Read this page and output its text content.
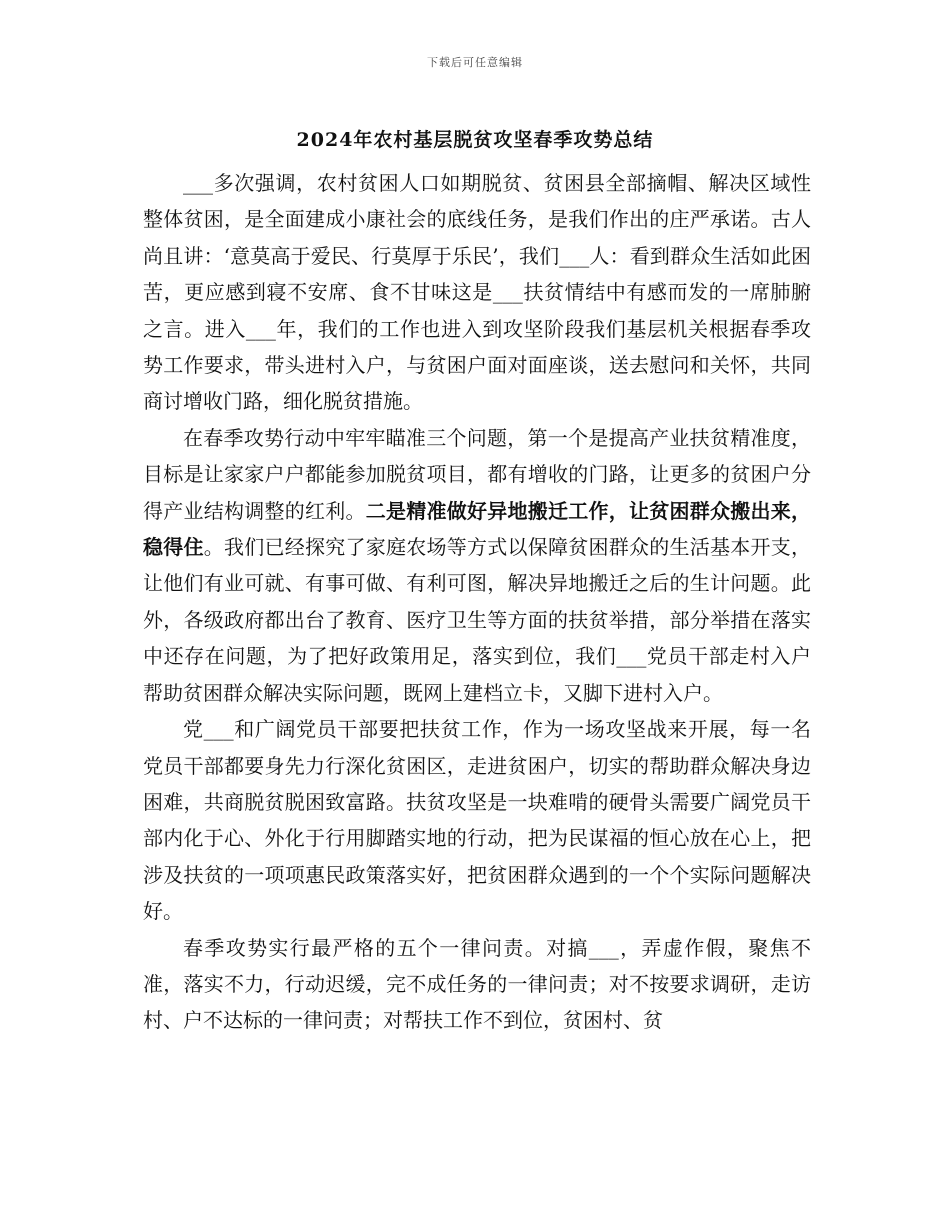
下载后可任意编辑
2024年农村基层脱贫攻坚春季攻势总结

___多次强调，农村贫困人口如期脱贫、贫困县全部摘帽、解决区域性整体贫困，是全面建成小康社会的底线任务，是我们作出的庄严承诺。古人尚且讲：‘意莫高于爱民、行莫厚于乐民’，我们___人：看到群众生活如此困苦，更应感到寝不安席、食不甘味这是___扶贫情结中有感而发的一席肺腑之言。进入___年，我们的工作也进入到攻坚阶段我们基层机关根据春季攻势工作要求，带头进村入户，与贫困户面对面座谈，送去慰问和关怀，共同商讨增收门路，细化脱贫措施。

在春季攻势行动中牢牢瞄准三个问题，第一个是提高产业扶贫精准度，目标是让家家户户都能参加脱贫项目，都有增收的门路，让更多的贫困户分得产业结构调整的红利。二是精准做好异地搬迁工作，让贫困群众搬出来，稳得住。我们已经探究了家庭农场等方式以保障贫困群众的生活基本开支，让他们有业可就、有事可做、有利可图，解决异地搬迁之后的生计问题。此外，各级政府都出台了教育、医疗卫生等方面的扶贫举措，部分举措在落实中还存在问题，为了把好政策用足，落实到位，我们___党员干部走村入户帮助贫困群众解决实际问题，既网上建档立卡，又脚下进村入户。

党___和广阔党员干部要把扶贫工作，作为一场攻坚战来开展，每一名党员干部都要身先力行深化贫困区，走进贫困户，切实的帮助群众解决身边困难，共商脱贫脱困致富路。扶贫攻坚是一块难啃的硬骨头需要广阔党员干部内化于心、外化于行用脚踏实地的行动，把为民谋福的恒心放在心上，把涉及扶贫的一项项惠民政策落实好，把贫困群众遇到的一个个实际问题解决好。

春季攻势实行最严格的五个一律问责。对搞___，弄虚作假，聚焦不准，落实不力，行动迟缓，完不成任务的一律问责；对不按要求调研，走访村、户不达标的一律问责；对帮扶工作不到位，贫困村、贫
